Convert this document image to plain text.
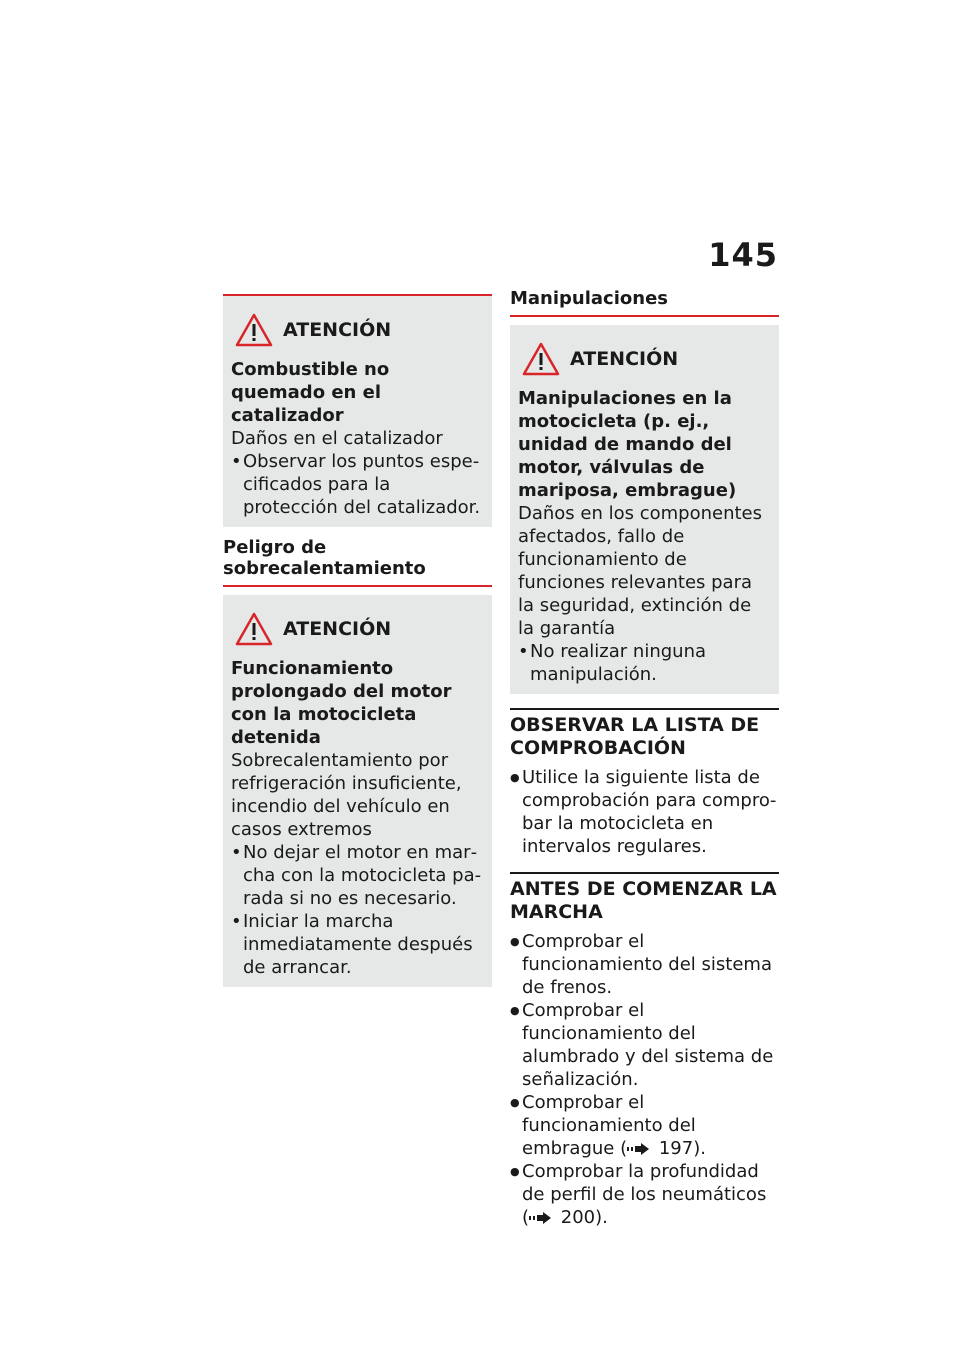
145
ATENCIÓN
Combustible no quemado en el catalizador
Daños en el catalizador
• Observar los puntos especificados para la protección del catalizador.
Peligro de sobrecalentamiento
ATENCIÓN
Funcionamiento prolongado del motor con la motocicleta detenida
Sobrecalentamiento por refrigeración insuficiente, incendio del vehículo en casos extremos
• No dejar el motor en marcha con la motocicleta parada si no es necesario.
• Iniciar la marcha inmediatamente después de arrancar.
Manipulaciones
ATENCIÓN
Manipulaciones en la motocicleta (p. ej., unidad de mando del motor, válvulas de mariposa, embrague)
Daños en los componentes afectados, fallo de funcionamiento de funciones relevantes para la seguridad, extinción de la garantía
• No realizar ninguna manipulación.
OBSERVAR LA LISTA DE COMPROBACIÓN
● Utilice la siguiente lista de comprobación para comprobar la motocicleta en intervalos regulares.
ANTES DE COMENZAR LA MARCHA
● Comprobar el funcionamiento del sistema de frenos.
● Comprobar el funcionamiento del alumbrado y del sistema de señalización.
● Comprobar el funcionamiento del embrague ( 197).
● Comprobar la profundidad de perfil de los neumáticos ( 200).
